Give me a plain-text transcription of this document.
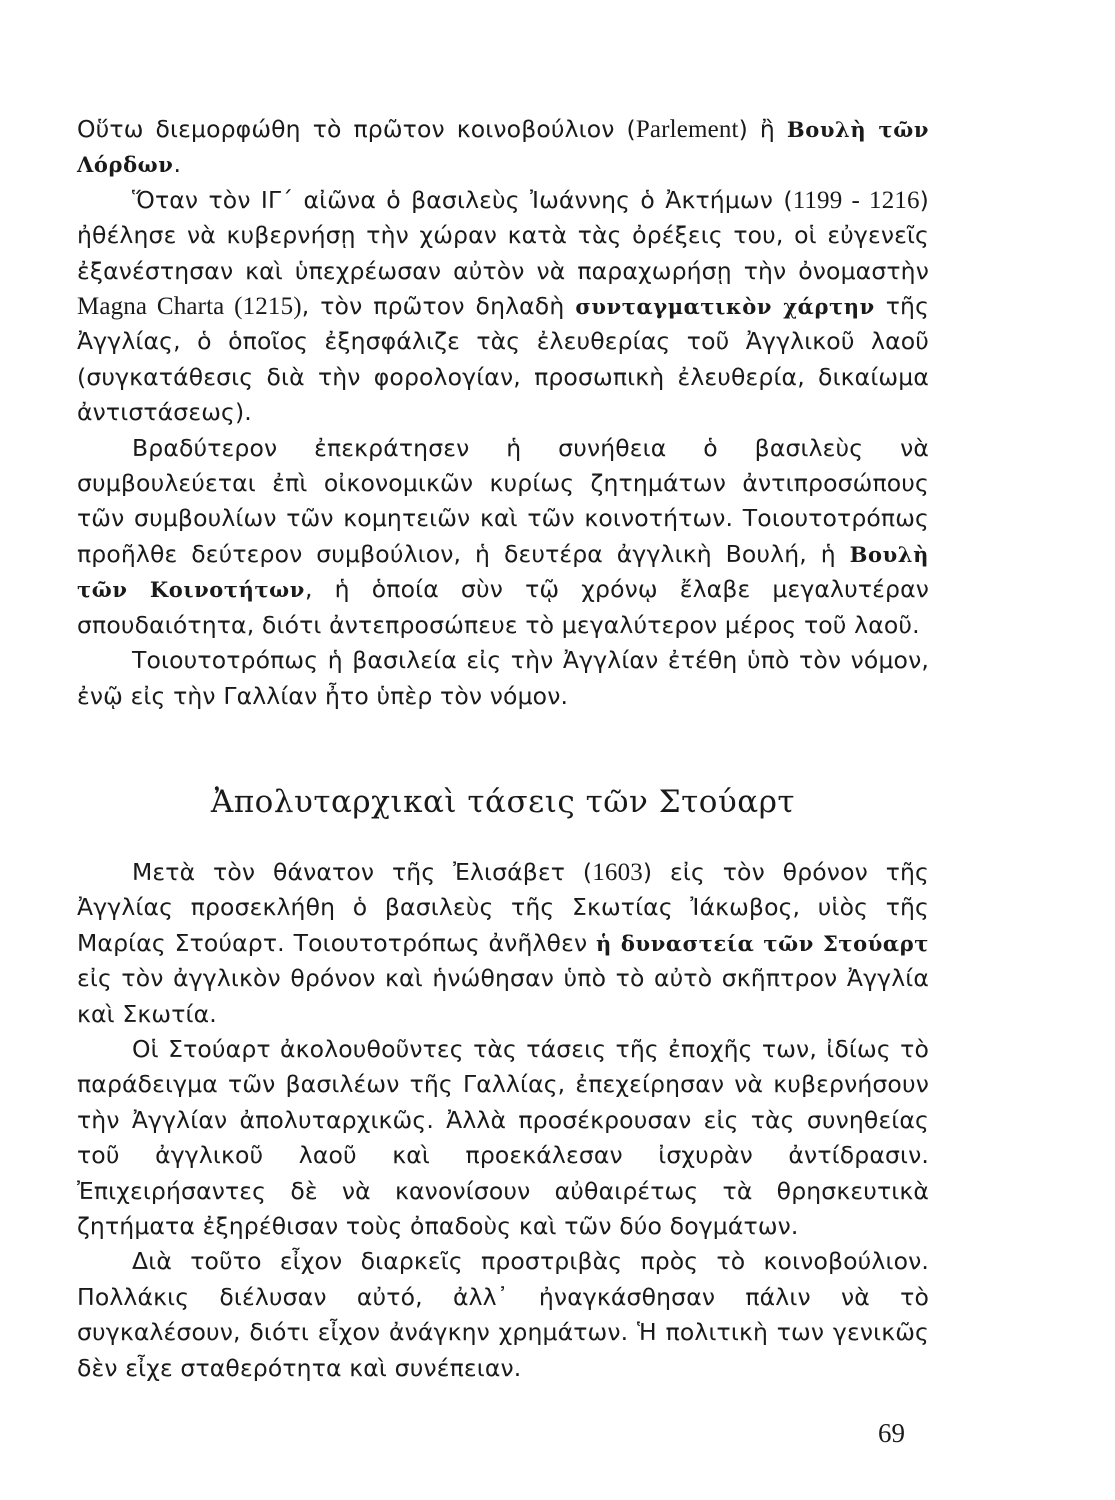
Οὕτω διεμορφώθη τὸ πρῶτον κοινοβούλιον (Parlement) ἢ Βουλὴ τῶν Λόρδων.

Ὅταν τὸν ΙΓ΄ αἰῶνα ὁ βασιλεὺς Ἰωάννης ὁ Ἀκτήμων (1199 - 1216) ἠθέλησε νὰ κυβερνήσῃ τὴν χώραν κατὰ τὰς ὀρέξεις του, οἱ εὐγενεῖς ἐξανέστησαν καὶ ὑπεχρέωσαν αὐτὸν νὰ παραχωρήσῃ τὴν ὀνομαστὴν Magna Charta (1215), τὸν πρῶτον δηλαδὴ συνταγματικὸν χάρτην τῆς Ἀγγλίας, ὁ ὁποῖος ἐξησφάλιζε τὰς ἐλευθερίας τοῦ Ἀγγλικοῦ λαοῦ (συγκατάθεσις διὰ τὴν φορολογίαν, προσωπικὴ ἐλευθερία, δικαίωμα ἀντιστάσεως).

Βραδύτερον ἐπεκράτησεν ἡ συνήθεια ὁ βασιλεὺς νὰ συμβουλεύεται ἐπὶ οἰκονομικῶν κυρίως ζητημάτων ἀντιπροσώπους τῶν συμβουλίων τῶν κομητειῶν καὶ τῶν κοινοτήτων. Τοιουτοτρόπως προῆλθε δεύτερον συμβούλιον, ἡ δευτέρα ἀγγλικὴ Βουλή, ἡ Βουλὴ τῶν Κοινοτήτων, ἡ ὁποία σὺν τῷ χρόνῳ ἔλαβε μεγαλυτέραν σπουδαιότητα, διότι ἀντεπροσώπευε τὸ μεγαλύτερον μέρος τοῦ λαοῦ.

Τοιουτοτρόπως ἡ βασιλεία εἰς τὴν Ἀγγλίαν ἐτέθη ὑπὸ τὸν νόμον, ἐνῷ εἰς τὴν Γαλλίαν ἦτο ὑπὲρ τὸν νόμον.

Ἀπολυταρχικαὶ τάσεις τῶν Στούαρτ

Μετὰ τὸν θάνατον τῆς Ἐλισάβετ (1603) εἰς τὸν θρόνον τῆς Ἀγγλίας προσεκλήθη ὁ βασιλεὺς τῆς Σκωτίας Ἰάκωβος, υἱὸς τῆς Μαρίας Στούαρτ. Τοιουτοτρόπως ἀνῆλθεν ἡ δυναστεία τῶν Στούαρτ εἰς τὸν ἀγγλικὸν θρόνον καὶ ἡνώθησαν ὑπὸ τὸ αὐτὸ σκῆπτρον Ἀγγλία καὶ Σκωτία.

Οἱ Στούαρτ ἀκολουθοῦντες τὰς τάσεις τῆς ἐποχῆς των, ἰδίως τὸ παράδειγμα τῶν βασιλέων τῆς Γαλλίας, ἐπεχείρησαν νὰ κυβερνήσουν τὴν Ἀγγλίαν ἀπολυταρχικῶς. Ἀλλὰ προσέκρουσαν εἰς τὰς συνηθείας τοῦ ἀγγλικοῦ λαοῦ καὶ προεκάλεσαν ἰσχυρὰν ἀντίδρασιν. Ἐπιχειρήσαντες δὲ νὰ κανονίσουν αὐθαιρέτως τὰ θρησκευτικὰ ζητήματα ἐξηρέθισαν τοὺς ὀπαδοὺς καὶ τῶν δύο δογμάτων.

Διὰ τοῦτο εἶχον διαρκεῖς προστριβὰς πρὸς τὸ κοινοβούλιον. Πολλάκις διέλυσαν αὐτό, ἀλλ᾽ ἠναγκάσθησαν πάλιν νὰ τὸ συγκαλέσουν, διότι εἶχον ἀνάγκην χρημάτων. Ἡ πολιτικὴ των γενικῶς δὲν εἶχε σταθερότητα καὶ συνέπειαν.

69
